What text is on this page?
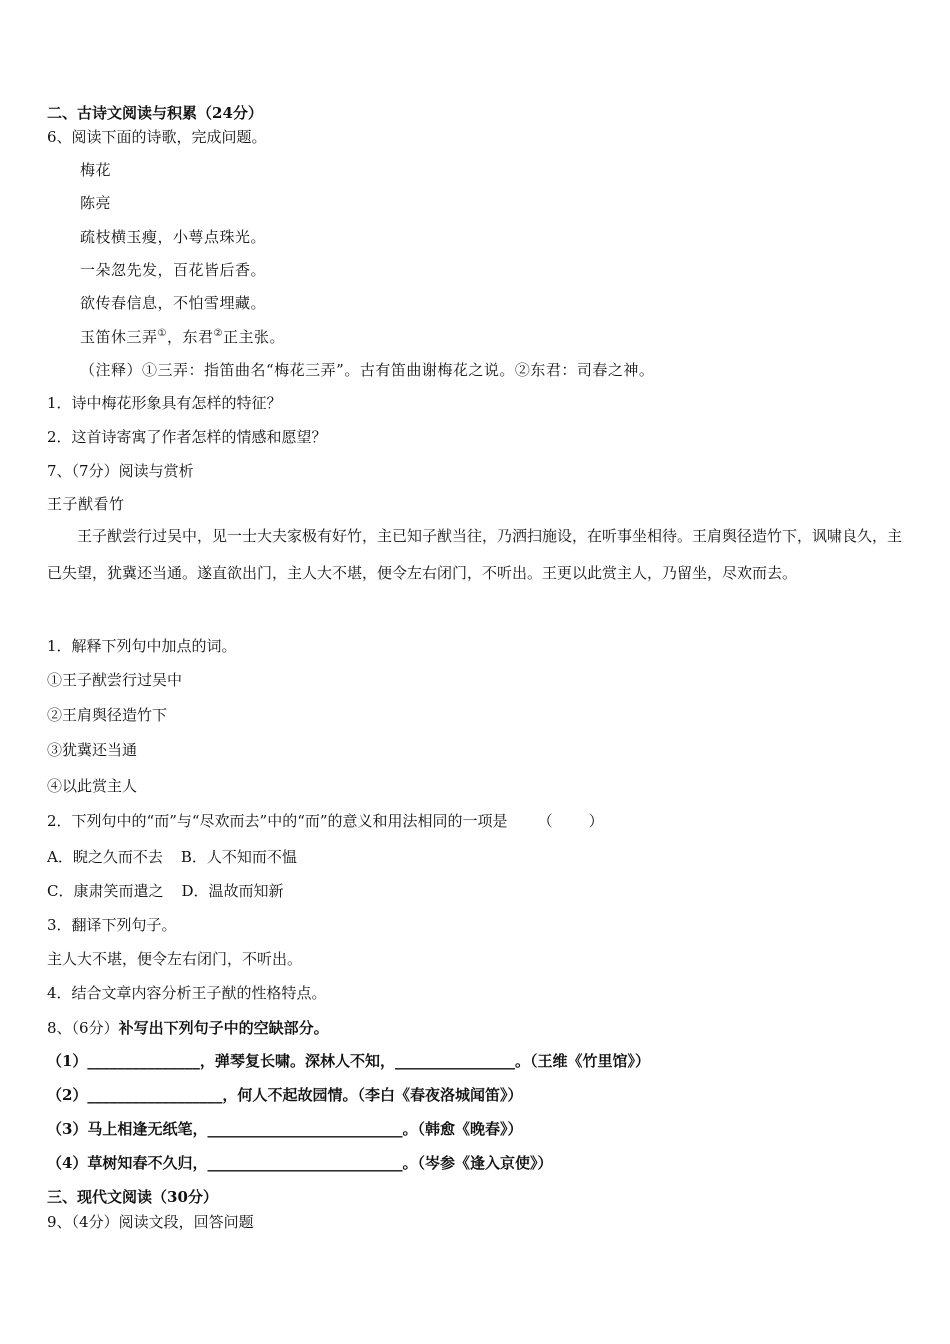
二、古诗文阅读与积累（24分）
6、阅读下面的诗歌，完成问题。
梅花
陈亮
疏枝横玉瘦，小萼点珠光。
一朵忽先发，百花皆后香。
欲传春信息，不怕雪埋藏。
玉笛休三弄①，东君②正主张。
（注释）①三弄：指笛曲名“梅花三弄”。古有笛曲谢梅花之说。②东君：司春之神。
1．诗中梅花形象具有怎样的特征？
2．这首诗寄寓了作者怎样的情感和愿望？
7、（7分）阅读与赏析
王子猷看竹
王子猷尝行过吴中，见一士大夫家极有好竹，主已知子猷当往，乃洒扫施设，在听事坐相待。王肩舆径造竹下，讽啸良久，主已失望，犹冀还当通。遂直欲出门，主人大不堪，便令左右闭门，不听出。王更以此赏主人，乃留坐，尽欢而去。
1．解释下列句中加点的词。
①王子猷尝行过吴中
②王肩舆径造竹下
③犹冀还当通
④以此赏主人
2．下列句中的“而”与“尽欢而去”中的“而”的意义和用法相同的一项是 （ ）
A．睨之久而不去 B．人不知而不愠
C．康肃笑而遣之 D．温故而知新
3．翻译下列句子。
主人大不堪，便令左右闭门，不听出。
4．结合文章内容分析王子猷的性格特点。
8、（6分）补写出下列句子中的空缺部分。
（1）_______________，弹琴复长啸。深林人不知，________________。（王维《竹里馆》）
（2）__________________，何人不起故园情。（李白《春夜洛城闻笛》）
（3）马上相逢无纸笔，__________________________。（韩愈《晚春》）
（4）草树知春不久归，__________________________。（岑参《逢入京使》）
三、现代文阅读（30分）
9、（4分）阅读文段，回答问题
